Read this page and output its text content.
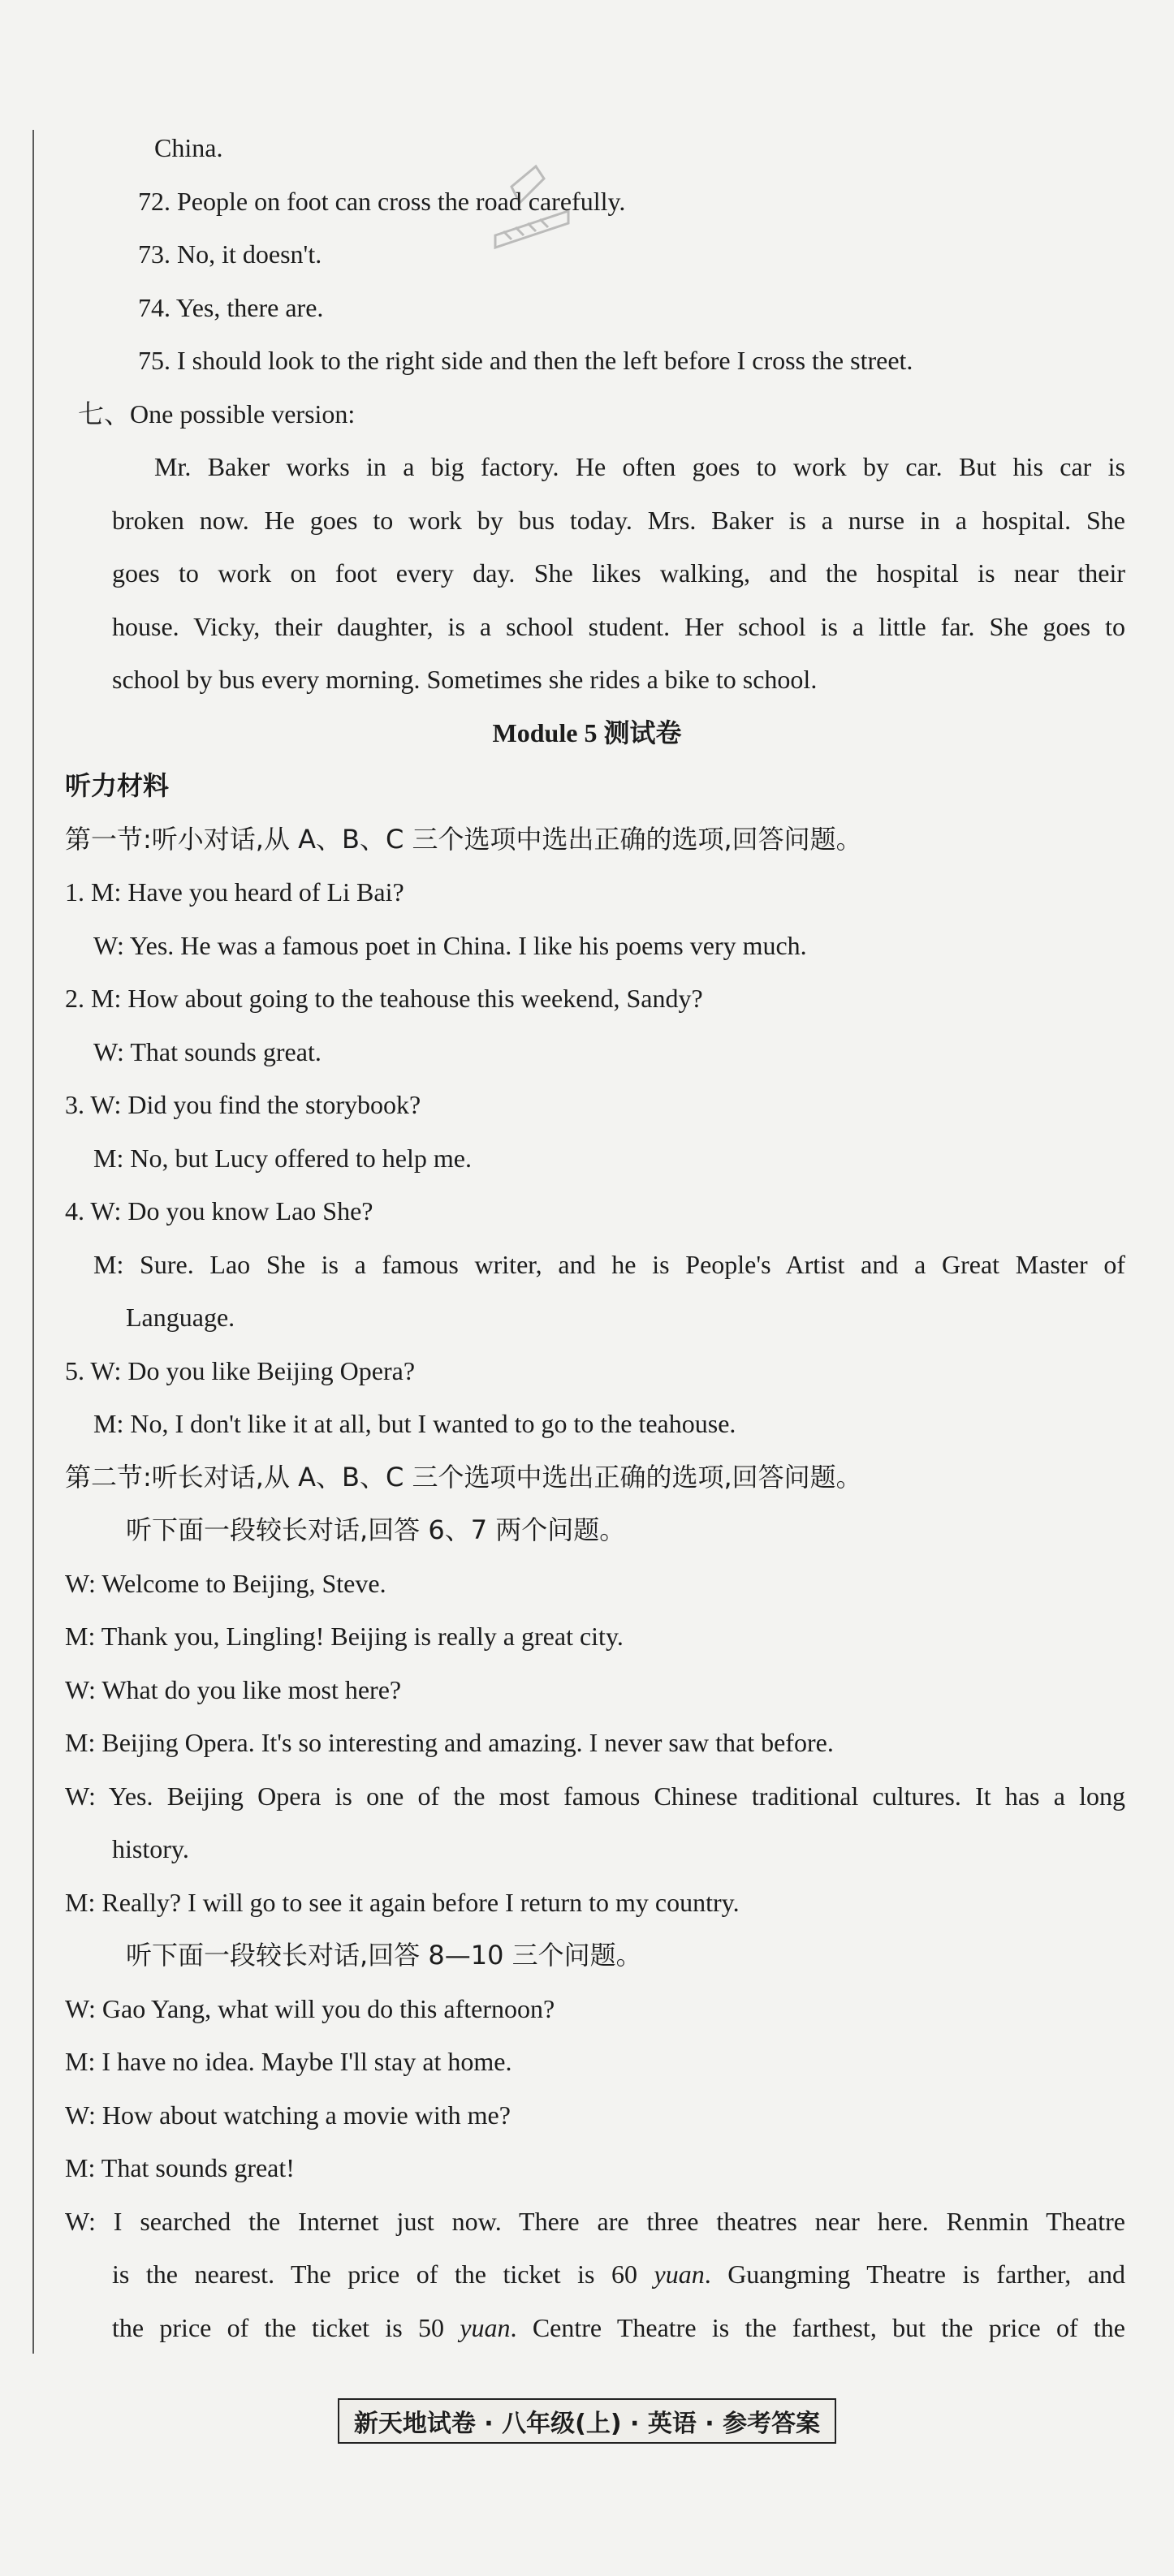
China.
72. People on foot can cross the road carefully.
73. No, it doesn't.
74. Yes, there are.
75. I should look to the right side and then the left before I cross the street.
七、One possible version:
Mr. Baker works in a big factory. He often goes to work by car. But his car is
broken now. He goes to work by bus today. Mrs. Baker is a nurse in a hospital. She
goes to work on foot every day. She likes walking, and the hospital is near their
house. Vicky, their daughter, is a school student. Her school is a little far. She goes to
school by bus every morning. Sometimes she rides a bike to school.
Module 5 测试卷
听力材料
第一节:听小对话,从 A、B、C 三个选项中选出正确的选项,回答问题。
1. M: Have you heard of Li Bai?
W: Yes. He was a famous poet in China. I like his poems very much.
2. M: How about going to the teahouse this weekend, Sandy?
W: That sounds great.
3. W: Did you find the storybook?
M: No, but Lucy offered to help me.
4. W: Do you know Lao She?
M: Sure. Lao She is a famous writer, and he is People's Artist and a Great Master of
Language.
5. W: Do you like Beijing Opera?
M: No, I don't like it at all, but I wanted to go to the teahouse.
第二节:听长对话,从 A、B、C 三个选项中选出正确的选项,回答问题。
听下面一段较长对话,回答 6、7 两个问题。
W: Welcome to Beijing, Steve.
M: Thank you, Lingling! Beijing is really a great city.
W: What do you like most here?
M: Beijing Opera. It's so interesting and amazing. I never saw that before.
W: Yes. Beijing Opera is one of the most famous Chinese traditional cultures. It has a long
history.
M: Really? I will go to see it again before I return to my country.
听下面一段较长对话,回答 8—10 三个问题。
W: Gao Yang, what will you do this afternoon?
M: I have no idea. Maybe I'll stay at home.
W: How about watching a movie with me?
M: That sounds great!
W: I searched the Internet just now. There are three theatres near here. Renmin Theatre
is the nearest. The price of the ticket is 60 yuan. Guangming Theatre is farther, and
the price of the ticket is 50 yuan. Centre Theatre is the farthest, but the price of the
新天地试卷 · 八年级(上) · 英语 · 参考答案
